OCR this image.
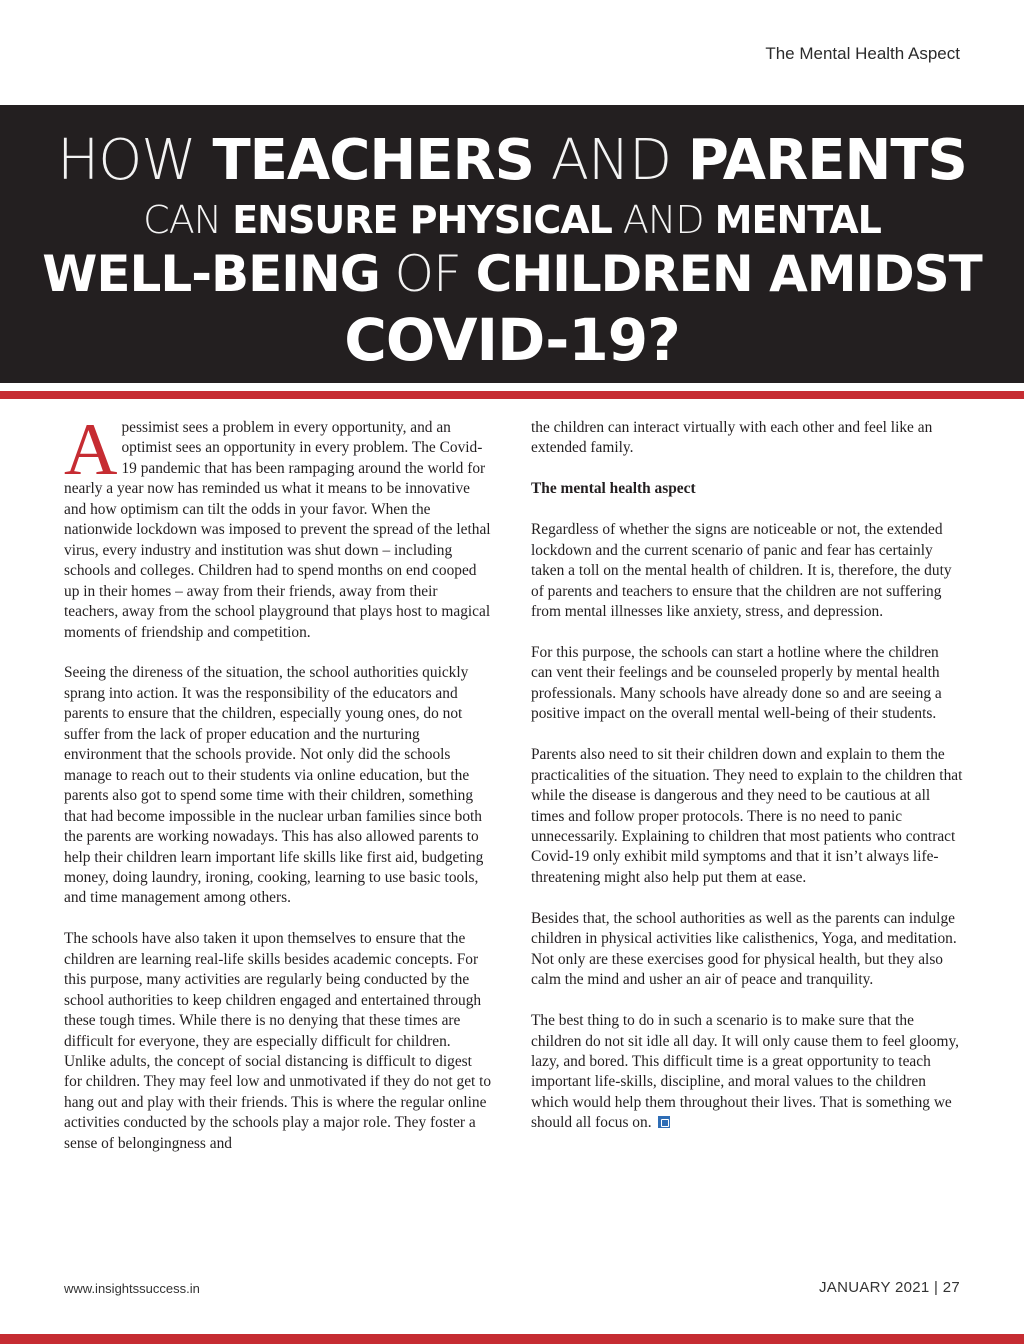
The Mental Health Aspect
HOW TEACHERS AND PARENTS
CAN ENSURE PHYSICAL AND MENTAL
WELL-BEING OF CHILDREN AMIDST
COVID-19?

Apessimist sees a problem in every opportunity, and an optimist sees an opportunity in every problem. The Covid-19 pandemic that has been rampaging around the world for nearly a year now has reminded us what it means to be innovative and how optimism can tilt the odds in your favor. When the nationwide lockdown was imposed to prevent the spread of the lethal virus, every industry and institution was shut down – including schools and colleges. Children had to spend months on end cooped up in their homes – away from their friends, away from their teachers, away from the school playground that plays host to magical moments of friendship and competition.

Seeing the direness of the situation, the school authorities quickly sprang into action. It was the responsibility of the educators and parents to ensure that the children, especially young ones, do not suffer from the lack of proper education and the nurturing environment that the schools provide. Not only did the schools manage to reach out to their students via online education, but the parents also got to spend some time with their children, something that had become impossible in the nuclear urban families since both the parents are working nowadays. This has also allowed parents to help their children learn important life skills like first aid, budgeting money, doing laundry, ironing, cooking, learning to use basic tools, and time management among others.

The schools have also taken it upon themselves to ensure that the children are learning real-life skills besides academic concepts. For this purpose, many activities are regularly being conducted by the school authorities to keep children engaged and entertained through these tough times. While there is no denying that these times are difficult for everyone, they are especially difficult for children. Unlike adults, the concept of social distancing is difficult to digest for children. They may feel low and unmotivated if they do not get to hang out and play with their friends. This is where the regular online activities conducted by the schools play a major role. They foster a sense of belongingness and

the children can interact virtually with each other and feel like an extended family.

The mental health aspect

Regardless of whether the signs are noticeable or not, the extended lockdown and the current scenario of panic and fear has certainly taken a toll on the mental health of children. It is, therefore, the duty of parents and teachers to ensure that the children are not suffering from mental illnesses like anxiety, stress, and depression.

For this purpose, the schools can start a hotline where the children can vent their feelings and be counseled properly by mental health professionals. Many schools have already done so and are seeing a positive impact on the overall mental well-being of their students.

Parents also need to sit their children down and explain to them the practicalities of the situation. They need to explain to the children that while the disease is dangerous and they need to be cautious at all times and follow proper protocols. There is no need to panic unnecessarily. Explaining to children that most patients who contract Covid-19 only exhibit mild symptoms and that it isn’t always life-threatening might also help put them at ease.

Besides that, the school authorities as well as the parents can indulge children in physical activities like calisthenics, Yoga, and meditation. Not only are these exercises good for physical health, but they also calm the mind and usher an air of peace and tranquility.

The best thing to do in such a scenario is to make sure that the children do not sit idle all day. It will only cause them to feel gloomy, lazy, and bored. This difficult time is a great opportunity to teach important life-skills, discipline, and moral values to the children which would help them throughout their lives. That is something we should all focus on.

www.insightssuccess.in	JANUARY 2021 | 27
